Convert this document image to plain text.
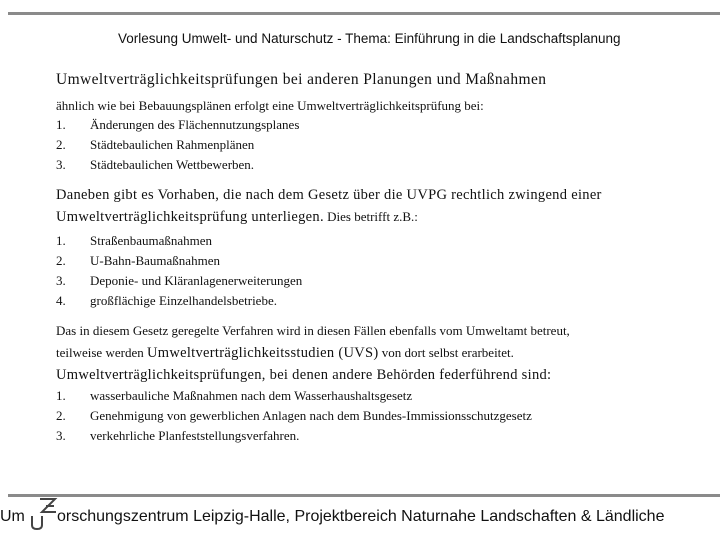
Vorlesung Umwelt- und Naturschutz - Thema: Einführung in die Landschaftsplanung

Umweltverträglichkeitsprüfungen bei anderen Planungen und Maßnahmen

ähnlich wie bei Bebauungsplänen erfolgt eine Umweltverträglichkeitsprüfung bei:

1.	Änderungen des Flächennutzungsplanes
2.	Städtebaulichen Rahmenplänen
3.	Städtebaulichen Wettbewerben.

Daneben gibt es Vorhaben, die nach dem Gesetz über die UVPG rechtlich zwingend einer

Umweltverträglichkeitsprüfung unterliegen. Dies betrifft z.B.:

1.	Straßenbaumaßnahmen
2.	U-Bahn-Baumaßnahmen
3.	Deponie- und Kläranlagenerweiterungen
4.	großflächige Einzelhandelsbetriebe.

Das in diesem Gesetz geregelte Verfahren wird in diesen Fällen ebenfalls vom Umweltamt betreut,

teilweise werden Umweltverträglichkeitsstudien (UVS) von dort selbst erarbeitet.

Umweltverträglichkeitsprüfungen, bei denen andere Behörden federführend sind:

1.	wasserbauliche Maßnahmen nach dem Wasserhaushaltsgesetz
2.	Genehmigung von gewerblichen Anlagen nach dem Bundes-Immissionsschutzgesetz
3.	verkehrliche Planfeststellungsverfahren.
Um orschungszentrum Leipzig-Halle, Projektbereich Naturnahe Landschaften & Ländliche
